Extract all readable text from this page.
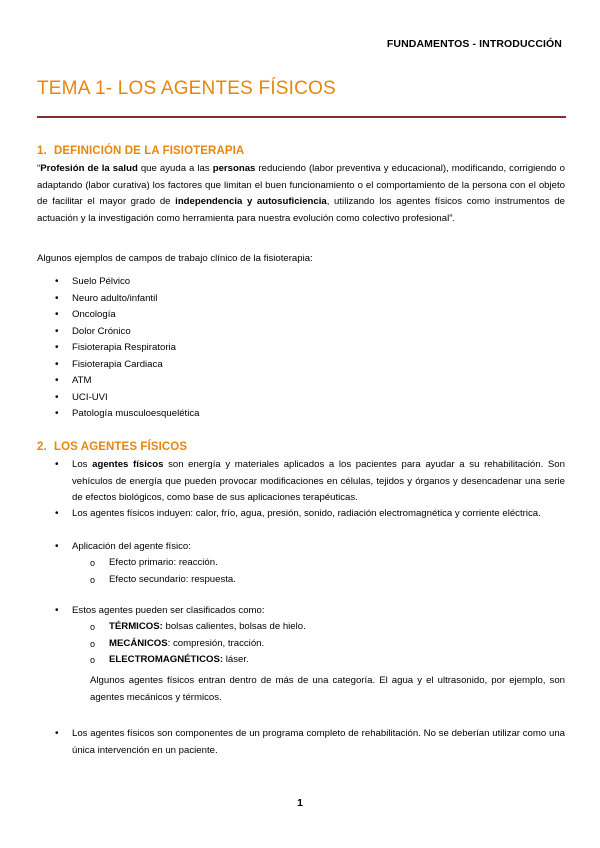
FUNDAMENTOS - INTRODUCCIÓN
TEMA 1- LOS AGENTES FÍSICOS
1. DEFINICIÓN DE LA FISIOTERAPIA
“Profesión de la salud que ayuda a las personas reduciendo (labor preventiva y educacional), modificando, corrigiendo o adaptando (labor curativa) los factores que limitan el buen funcionamiento o el comportamiento de la persona con el objeto de facilitar el mayor grado de independencia y autosuficiencia, utilizando los agentes físicos como instrumentos de actuación y la investigación como herramienta para nuestra evolución como colectivo profesional”.
Algunos ejemplos de campos de trabajo clínico de la fisioterapia:
• Suelo Pélvico
• Neuro adulto/infantil
• Oncología
• Dolor Crónico
• Fisioterapia Respiratoria
• Fisioterapia Cardiaca
• ATM
• UCI-UVI
• Patología musculoesquelética
2. LOS AGENTES FÍSICOS
• Los agentes físicos son energía y materiales aplicados a los pacientes para ayudar a su rehabilitación. Son vehículos de energía que pueden provocar modificaciones en células, tejidos y órganos y desencadenar una serie de efectos biológicos, como base de sus aplicaciones terapéuticas.
• Los agentes físicos induyen: calor, frío, agua, presión, sonido, radiación electromagnética y corriente eléctrica.
• Aplicación del agente físico:
o Efecto primario: reacción.
o Efecto secundario: respuesta.
• Estos agentes pueden ser clasificados como:
o TÉRMICOS: bolsas calientes, bolsas de hielo.
o MECÁNICOS: compresión, tracción.
o ELECTROMAGNÉTICOS: láser.
Algunos agentes físicos entran dentro de más de una categoría. El agua y el ultrasonido, por ejemplo, son agentes mecánicos y térmicos.
• Los agentes físicos son componentes de un programa completo de rehabilitación. No se deberían utilizar como una única intervención en un paciente.
1
